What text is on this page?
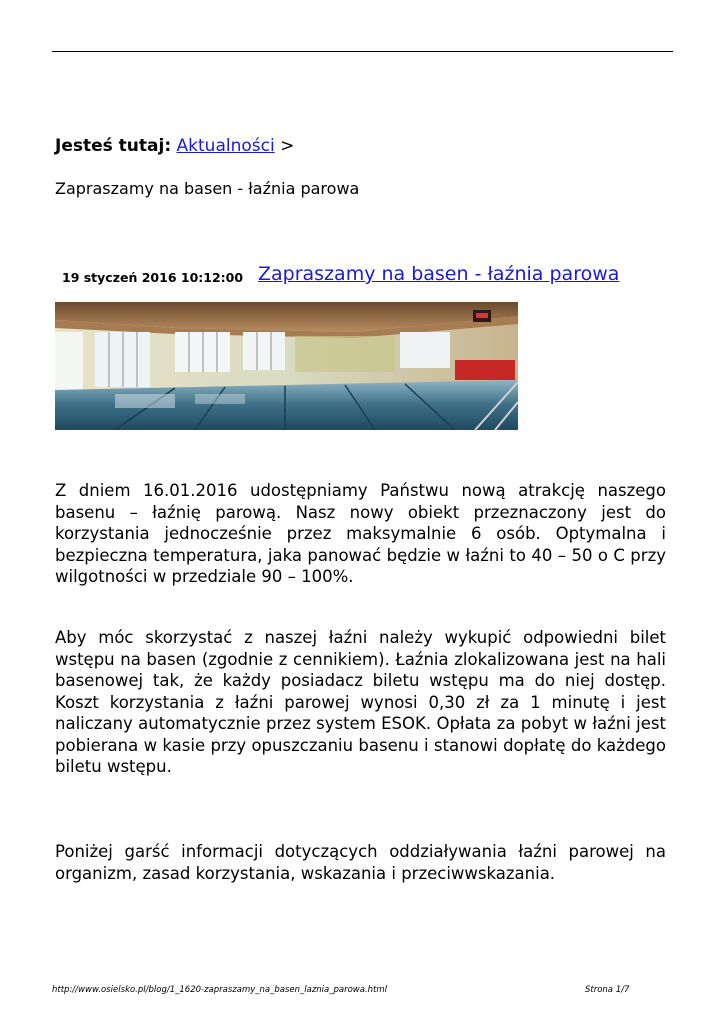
Jesteś tutaj: Aktualności >
Zapraszamy na basen - łaźnia parowa
19 styczeń 2016 10:12:00 Zapraszamy na basen - łaźnia parowa

Z dniem 16.01.2016 udostępniamy Państwu nową atrakcję naszego basenu – łaźnię parową. Nasz nowy obiekt przeznaczony jest do korzystania jednocześnie przez maksymalnie 6 osób. Optymalna i bezpieczna temperatura, jaka panować będzie w łaźni to 40 – 50 o C przy wilgotności w przedziale 90 – 100%.

Aby móc skorzystać z naszej łaźni należy wykupić odpowiedni bilet wstępu na basen (zgodnie z cennikiem). Łaźnia zlokalizowana jest na hali basenowej tak, że każdy posiadacz biletu wstępu ma do niej dostęp. Koszt korzystania z łaźni parowej wynosi 0,30 zł za 1 minutę i jest naliczany automatycznie przez system ESOK. Opłata za pobyt w łaźni jest pobierana w kasie przy opuszczaniu basenu i stanowi dopłatę do każdego biletu wstępu.

Poniżej garść informacji dotyczących oddziaływania łaźni parowej na organizm, zasad korzystania, wskazania i przeciwwskazania.

http://www.osielsko.pl/blog/1_1620-zapraszamy_na_basen_laznia_parowa.html	Strona 1/7
